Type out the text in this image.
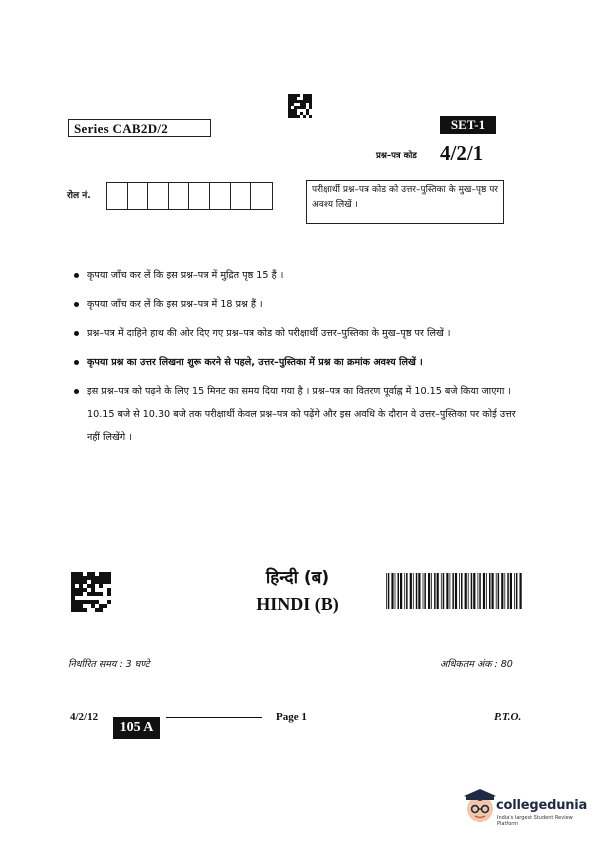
Series CAB2D/2	SET-1
प्रश्न–पत्र कोड 4/2/1
रोल नं.
परीक्षार्थी प्रश्न–पत्र कोड को उत्तर–पुस्तिका के मुख–पृष्ठ पर अवश्य लिखें ।
कृपया जाँच कर लें कि इस प्रश्न–पत्र में मुद्रित पृष्ठ 15 हैं ।
कृपया जाँच कर लें कि इस प्रश्न–पत्र में 18 प्रश्न हैं ।
प्रश्न–पत्र में दाहिने हाथ की ओर दिए गए प्रश्न–पत्र कोड को परीक्षार्थी उत्तर–पुस्तिका के मुख–पृष्ठ पर लिखें ।
कृपया प्रश्न का उत्तर लिखना शुरू करने से पहले, उत्तर–पुस्तिका में प्रश्न का क्रमांक अवश्य लिखें ।
इस प्रश्न–पत्र को पढ़ने के लिए 15 मिनट का समय दिया गया है । प्रश्न–पत्र का वितरण पूर्वाह्न में 10.15 बजे किया जाएगा । 10.15 बजे से 10.30 बजे तक परीक्षार्थी केवल प्रश्न–पत्र को पढ़ेंगे और इस अवधि के दौरान वे उत्तर–पुस्तिका पर कोई उत्तर नहीं लिखेंगे ।
हिन्दी (ब)
HINDI (B)
निर्धारित समय : 3 घण्टे	अधिकतम अंक : 80
4/2/12
105 A
Page 1	P.T.O.
collegedunia
India's largest Student Review Platform
